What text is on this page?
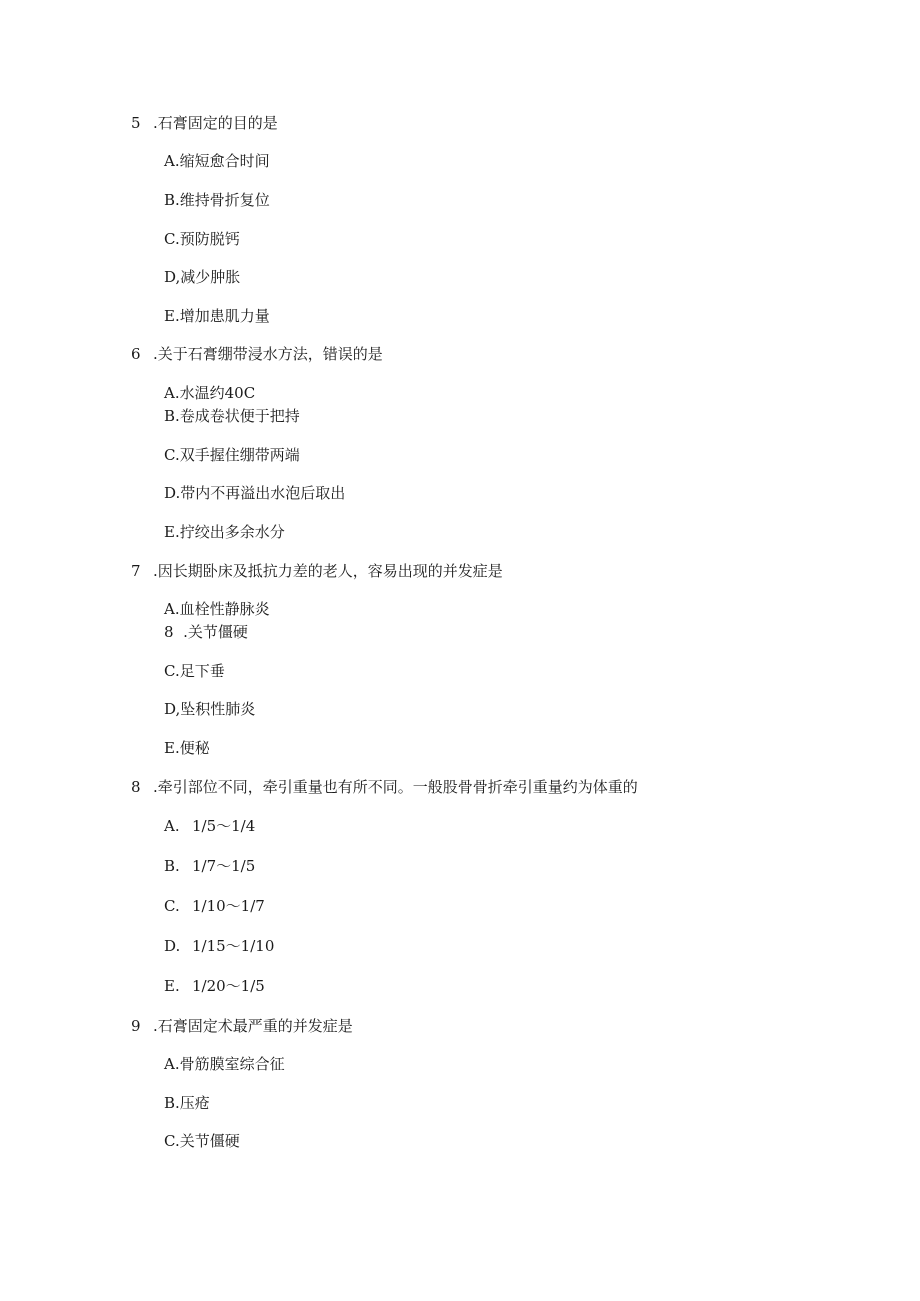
5 .石膏固定的目的是
A.缩短愈合时间
B.维持骨折复位
C.预防脱钙
D,减少肿胀
E.增加患肌力量
6 .关于石膏绷带浸水方法，错误的是
A.水温约40C
B.卷成卷状便于把持
C.双手握住绷带两端
D.带内不再溢出水泡后取出
E.拧绞出多余水分
7 .因长期卧床及抵抗力差的老人，容易出现的并发症是
A.血栓性静脉炎
8  .关节僵硬
C.足下垂
D,坠积性肺炎
E.便秘
8 .牵引部位不同，牵引重量也有所不同。一般股骨骨折牵引重量约为体重的
A. 1/5～1/4
B. 1/7～1/5
C. 1/10～1/7
D. 1/15～1/10
E. 1/20～1/5
9 .石膏固定术最严重的并发症是
A.骨筋膜室综合征
B.压疮
C.关节僵硬
